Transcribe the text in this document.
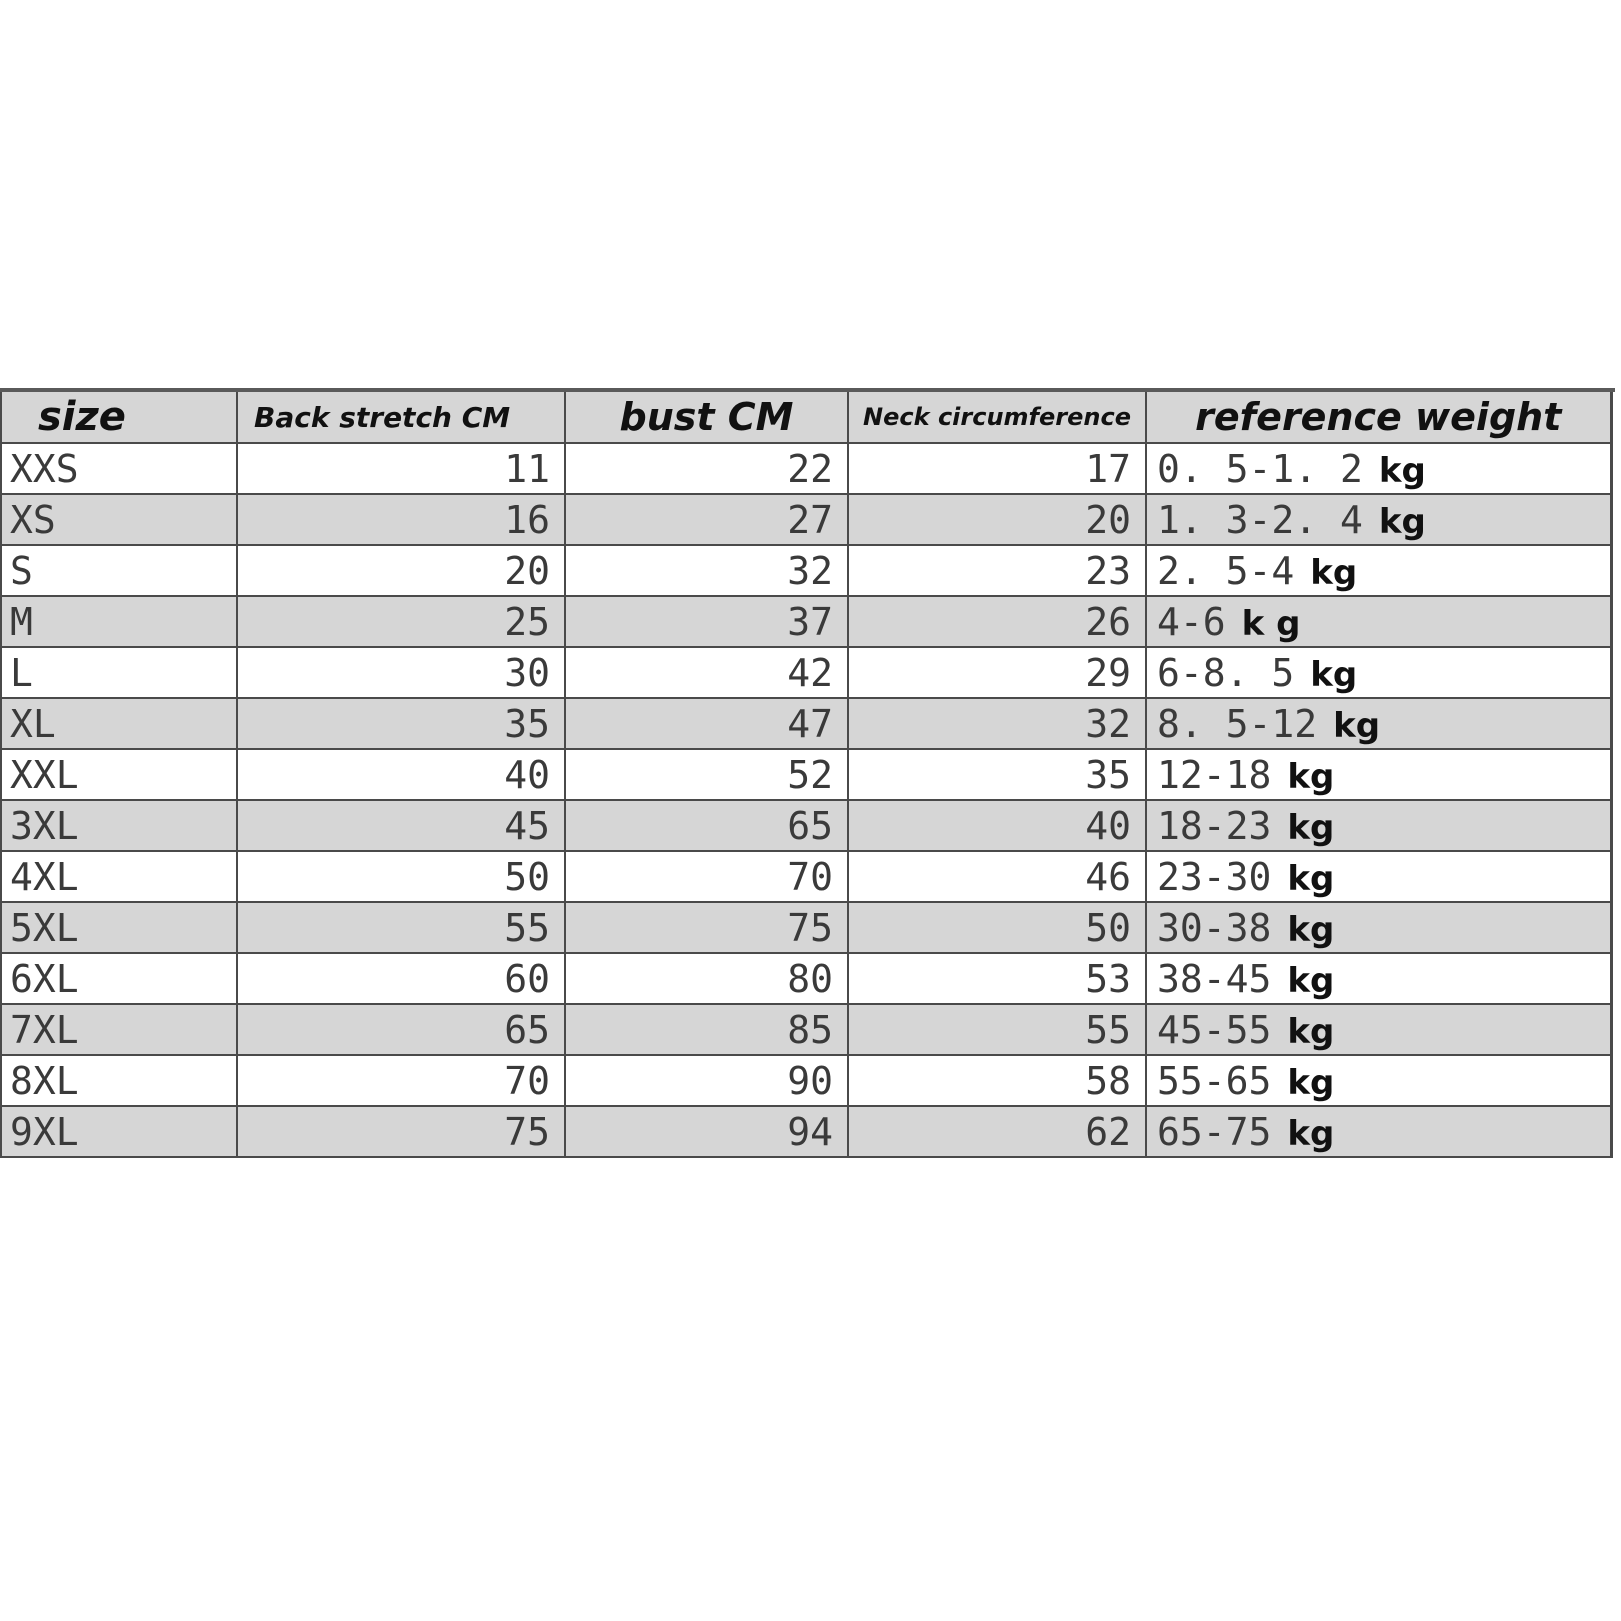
size	Back stretch CM	bust CM	Neck circumference	reference weight	
XXS	11	22	17	0. 5-1. 2 kg	
XS	16	27	20	1. 3-2. 4 kg	
S	20	32	23	2. 5-4 kg	
M	25	37	26	4-6 k g	
L	30	42	29	6-8. 5 kg	
XL	35	47	32	8. 5-12 kg	
XXL	40	52	35	12-18 kg	
3XL	45	65	40	18-23 kg	
4XL	50	70	46	23-30 kg	
5XL	55	75	50	30-38 kg	
6XL	60	80	53	38-45 kg	
7XL	65	85	55	45-55 kg	
8XL	70	90	58	55-65 kg	
9XL	75	94	62	65-75 kg	
